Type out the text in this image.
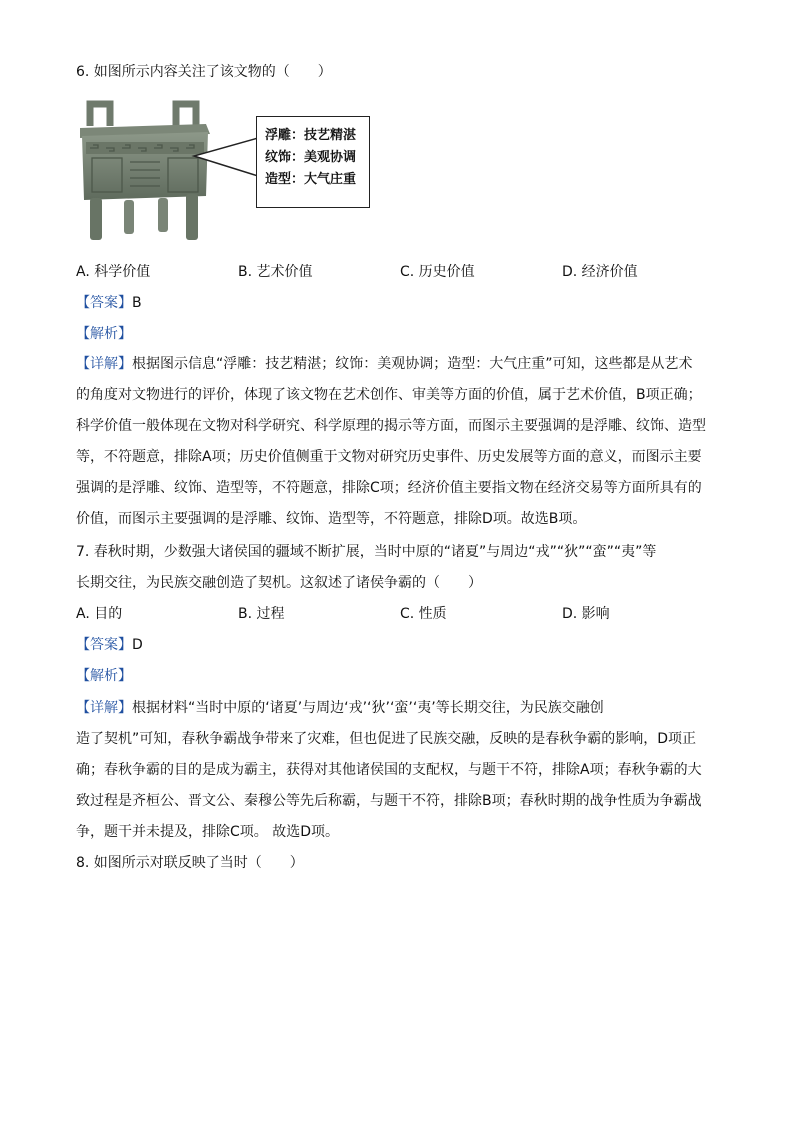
6. 如图所示内容关注了该文物的（　　）
浮雕：技艺精湛
纹饰：美观协调
造型：大气庄重
A. 科学价值	B. 艺术价值	C. 历史价值	D. 经济价值
【答案】B
【解析】
【详解】根据图示信息“浮雕：技艺精湛；纹饰：美观协调；造型：大气庄重”可知，这些都是从艺术
的角度对文物进行的评价，体现了该文物在艺术创作、审美等方面的价值，属于艺术价值，B项正确；
科学价值一般体现在文物对科学研究、科学原理的揭示等方面，而图示主要强调的是浮雕、纹饰、造型
等，不符题意，排除A项；历史价值侧重于文物对研究历史事件、历史发展等方面的意义，而图示主要
强调的是浮雕、纹饰、造型等，不符题意，排除C项；经济价值主要指文物在经济交易等方面所具有的
价值，而图示主要强调的是浮雕、纹饰、造型等，不符题意，排除D项。故选B项。
7. 春秋时期，少数强大诸侯国的疆域不断扩展，当时中原的“诸夏”与周边“戎”“狄”“蛮”“夷”等
长期交往，为民族交融创造了契机。这叙述了诸侯争霸的（　　）
A. 目的	B. 过程	C. 性质	D. 影响
【答案】D
【解析】
【详解】根据材料“当时中原的‘诸夏’与周边‘戎’‘狄’‘蛮’‘夷’等长期交往，为民族交融创
造了契机”可知，春秋争霸战争带来了灾难，但也促进了民族交融，反映的是春秋争霸的影响，D项正
确；春秋争霸的目的是成为霸主，获得对其他诸侯国的支配权，与题干不符，排除A项；春秋争霸的大
致过程是齐桓公、晋文公、秦穆公等先后称霸，与题干不符，排除B项；春秋时期的战争性质为争霸战
争，题干并未提及，排除C项。 故选D项。
8. 如图所示对联反映了当时（　　）
